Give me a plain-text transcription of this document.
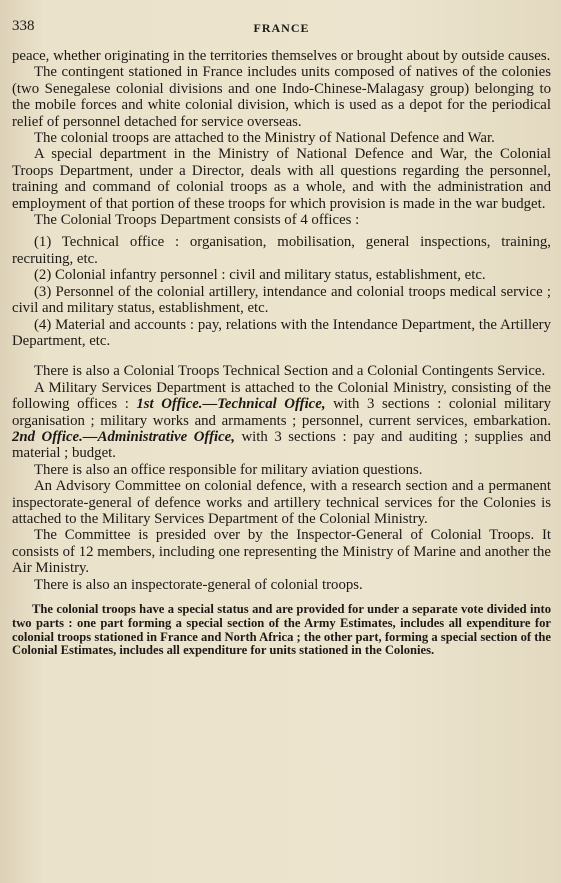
338	FRANCE

peace, whether originating in the territories themselves or brought about by outside causes.

The contingent stationed in France includes units composed of natives of the colonies (two Senegalese colonial divisions and one Indo-Chinese-Malagasy group) belonging to the mobile forces and white colonial division, which is used as a depot for the periodical relief of personnel detached for service overseas.

The colonial troops are attached to the Ministry of National Defence and War.

A special department in the Ministry of National Defence and War, the Colonial Troops Department, under a Director, deals with all questions regarding the personnel, training and command of colonial troops as a whole, and with the administration and employment of that portion of these troops for which provision is made in the war budget.

The Colonial Troops Department consists of 4 offices :

(1) Technical office : organisation, mobilisation, general inspections, training, recruiting, etc.

(2) Colonial infantry personnel : civil and military status, establishment, etc.

(3) Personnel of the colonial artillery, intendance and colonial troops medical service ; civil and military status, establishment, etc.

(4) Material and accounts : pay, relations with the Intendance Department, the Artillery Department, etc.

There is also a Colonial Troops Technical Section and a Colonial Contingents Service.

A Military Services Department is attached to the Colonial Ministry, consisting of the following offices : 1st Office.—Technical Office, with 3 sections : colonial military organisation ; military works and armaments ; personnel, current services, embarkation. 2nd Office.—Administrative Office, with 3 sections : pay and auditing ; supplies and material ; budget.

There is also an office responsible for military aviation questions.

An Advisory Committee on colonial defence, with a research section and a permanent inspectorate-general of defence works and artillery technical services for the Colonies is attached to the Military Services Department of the Colonial Ministry.

The Committee is presided over by the Inspector-General of Colonial Troops. It consists of 12 members, including one representing the Ministry of Marine and another the Air Ministry.

There is also an inspectorate-general of colonial troops.

The colonial troops have a special status and are provided for under a separate vote divided into two parts : one part forming a special section of the Army Estimates, includes all expenditure for colonial troops stationed in France and North Africa ; the other part, forming a special section of the Colonial Estimates, includes all expenditure for units stationed in the Colonies.
